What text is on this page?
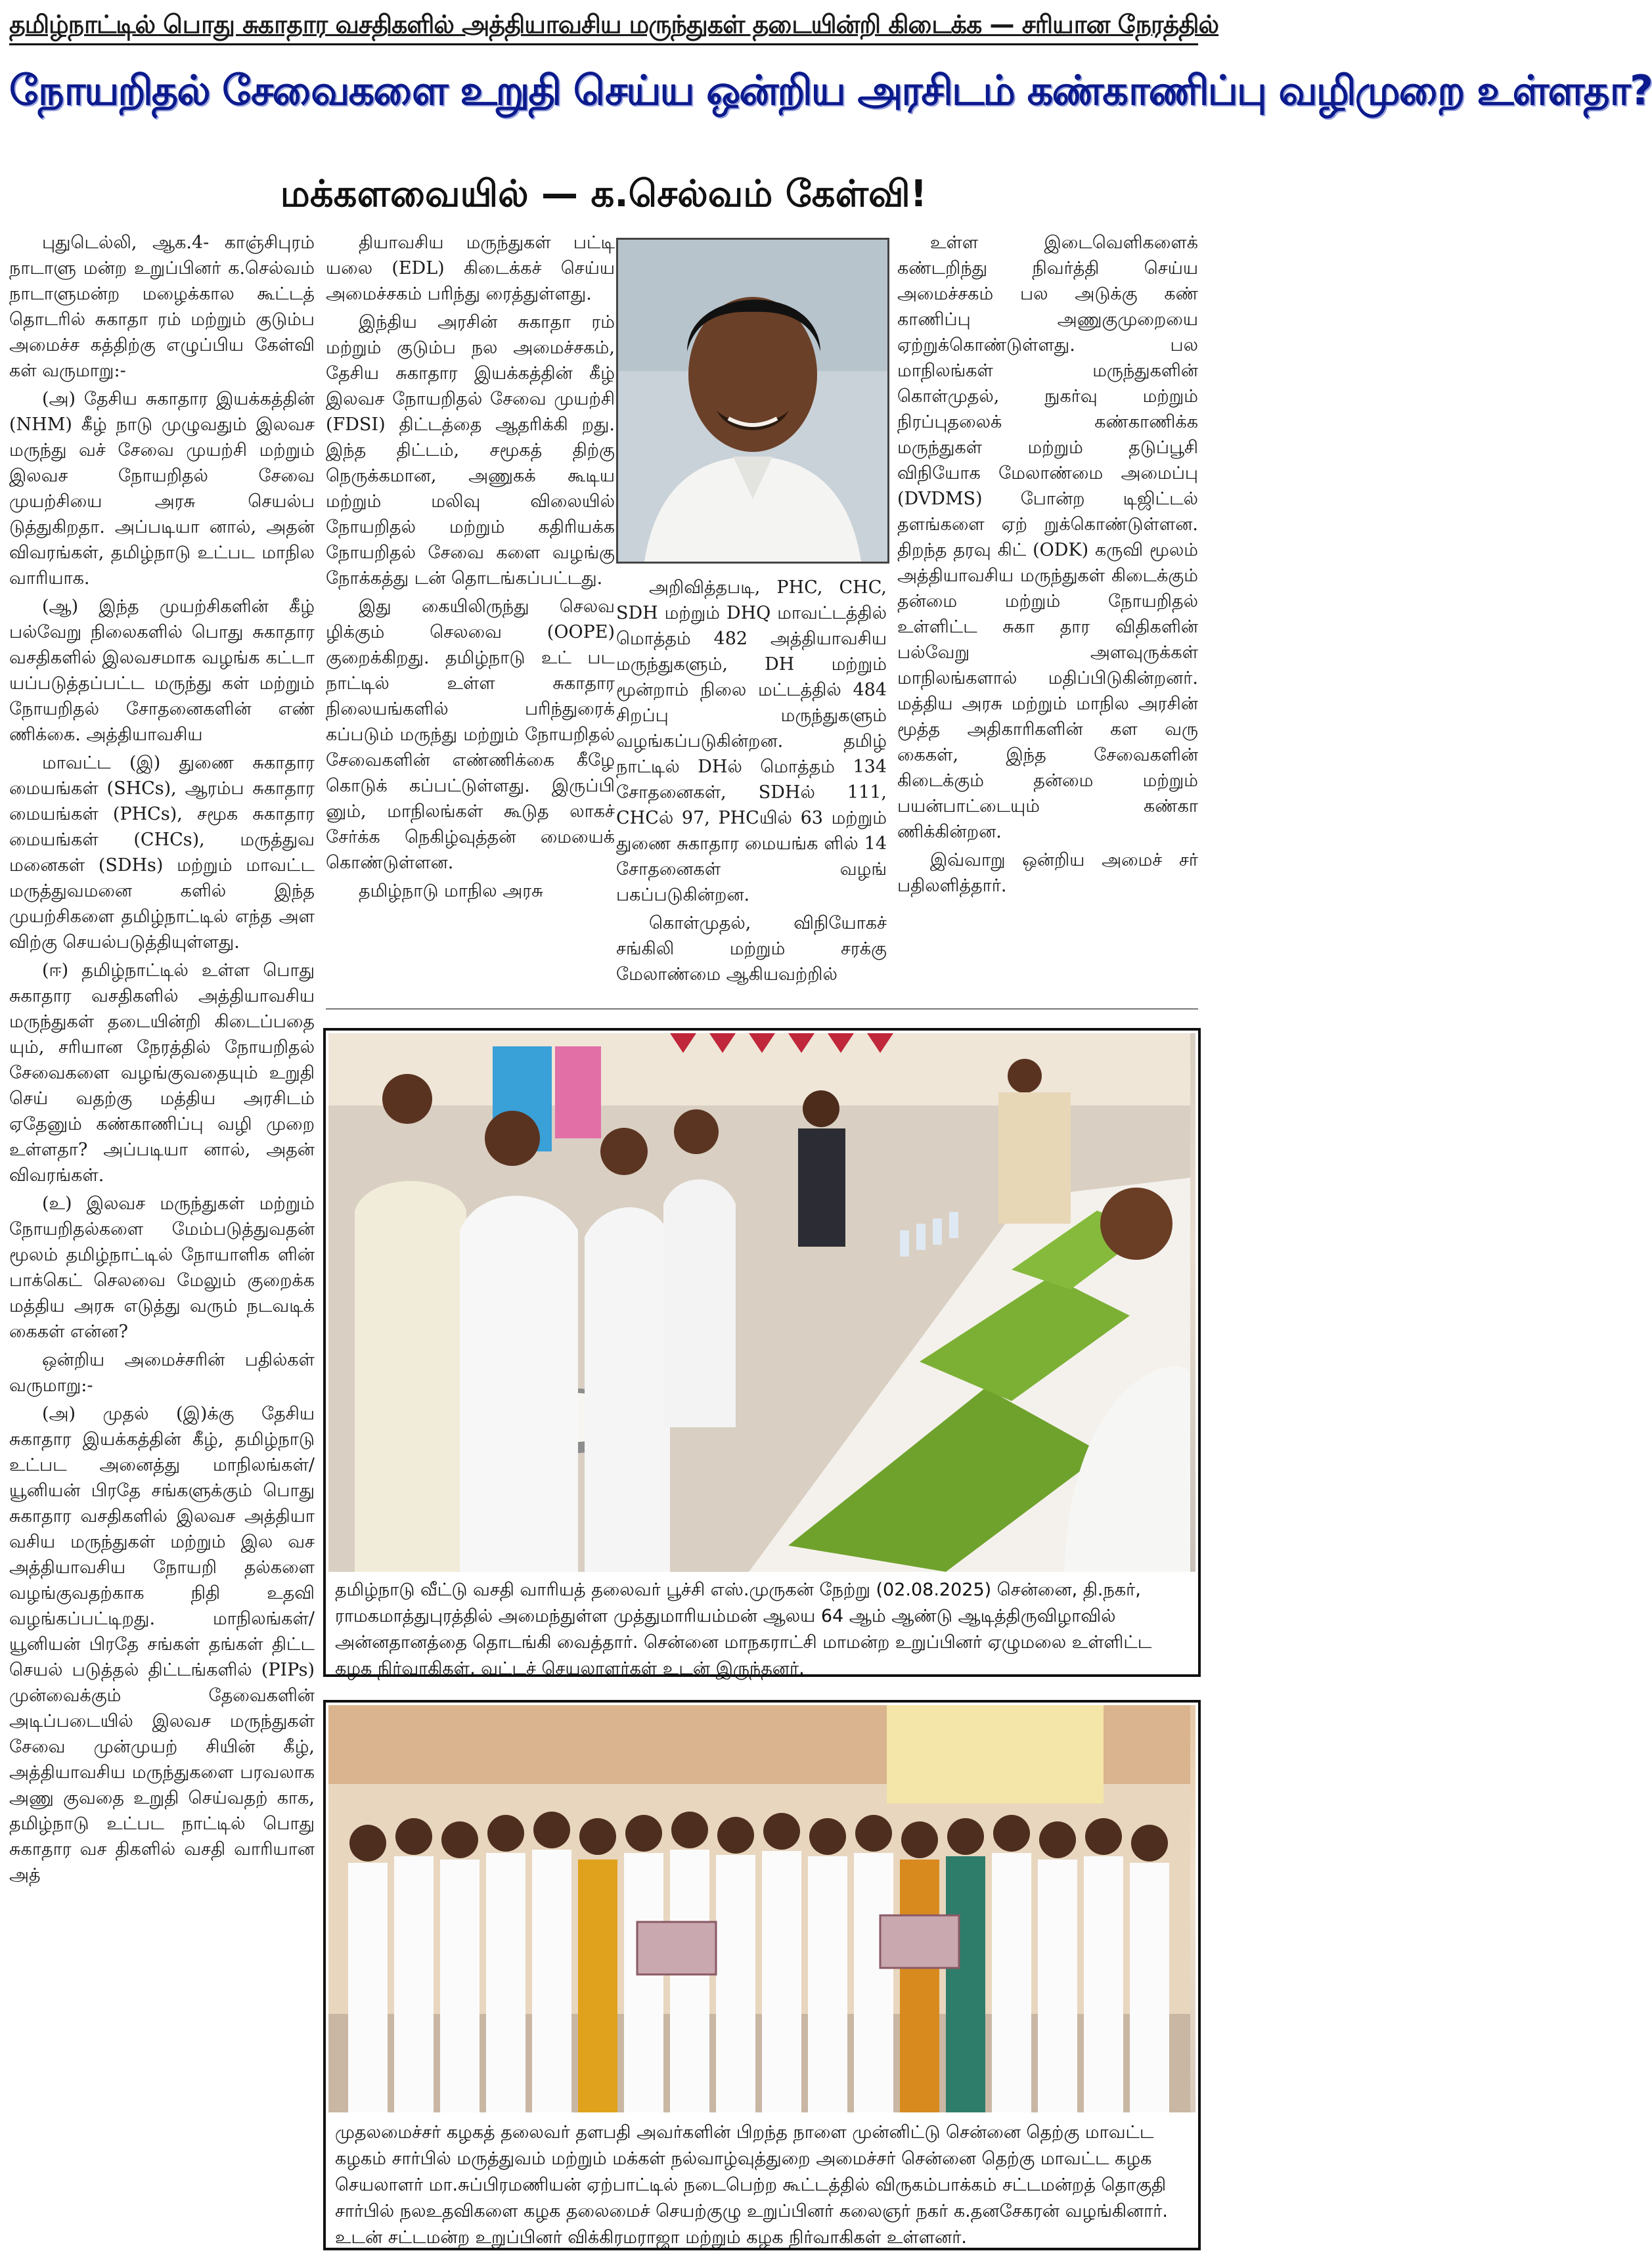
தமிழ்நாட்டில் பொது சுகாதார வசதிகளில் அத்தியாவசிய மருந்துகள் தடையின்றி கிடைக்க — சரியான நேரத்தில்
நோயறிதல் சேவைகளை உறுதி செய்ய ஒன்றிய அரசிடம் கண்காணிப்பு வழிமுறை உள்ளதா?
மக்களவையில் — க.செல்வம் கேள்வி!

புதுடெல்லி, ஆக.4- காஞ்சிபுரம் நாடாளு மன்ற உறுப்பினர் க.செல்வம் நாடாளுமன்ற மழைக்கால கூட்டத் தொடரில் சுகாதா ரம் மற்றும் குடும்ப அமைச்ச கத்திற்கு எழுப்பிய கேள்வி கள் வருமாறு:-

(அ) தேசிய சுகாதார இயக்கத்தின் (NHM) கீழ் நாடு முழுவதும் இலவச மருந்து வச் சேவை முயற்சி மற்றும் இலவச நோயறிதல் சேவை முயற்சியை அரசு செயல்ப டுத்துகிறதா. அப்படியா னால், அதன் விவரங்கள், தமிழ்நாடு உட்பட மாநில வாரியாக.

(ஆ) இந்த முயற்சிகளின் கீழ் பல்வேறு நிலைகளில் பொது சுகாதார வசதிகளில் இலவசமாக வழங்க கட்டா யப்படுத்தப்பட்ட மருந்து கள் மற்றும் நோயறிதல் சோதனைகளின் எண் ணிக்கை. அத்தியாவசிய

மாவட்ட (இ) துணை சுகாதார மையங்கள் (SHCs), ஆரம்ப சுகாதார மையங்கள் (PHCs), சமூக சுகாதார மையங்கள் (CHCs), மருத்துவ மனைகள் (SDHs) மற்றும் மாவட்ட மருத்துவமனை களில் இந்த முயற்சிகளை தமிழ்நாட்டில் எந்த அள விற்கு செயல்படுத்தியுள்ளது.

(ஈ) தமிழ்நாட்டில் உள்ள பொது சுகாதார வசதிகளில் அத்தியாவசிய மருந்துகள் தடையின்றி கிடைப்பதை யும், சரியான நேரத்தில் நோயறிதல் சேவைகளை வழங்குவதையும் உறுதி செய் வதற்கு மத்திய அரசிடம் ஏதேனும் கண்காணிப்பு வழி முறை உள்ளதா? அப்படியா னால், அதன் விவரங்கள்.

(உ) இலவச மருந்துகள் மற்றும் நோயறிதல்களை மேம்படுத்துவதன் மூலம் தமிழ்நாட்டில் நோயாளிக ளின் பாக்கெட் செலவை மேலும் குறைக்க மத்திய அரசு எடுத்து வரும் நடவடிக் கைகள் என்ன?

ஒன்றிய அமைச்சரின் பதில்கள் வருமாறு:-

(அ) முதல் (இ)க்கு தேசிய சுகாதார இயக்கத்தின் கீழ், தமிழ்நாடு உட்பட அனைத்து மாநிலங்கள்/யூனியன் பிரதே சங்களுக்கும் பொது சுகாதார வசதிகளில் இலவச அத்தியா வசிய மருந்துகள் மற்றும் இல வச அத்தியாவசிய நோயறி தல்களை வழங்குவதற்காக நிதி உதவி வழங்கப்பட்டிறது. மாநிலங்கள்/யூனியன் பிரதே சங்கள் தங்கள் திட்ட செயல் படுத்தல் திட்டங்களில் (PIPs) முன்வைக்கும் தேவைகளின் அடிப்படையில் இலவச மருந்துகள் சேவை முன்முயற் சியின் கீழ், அத்தியாவசிய மருந்துகளை பரவலாக அணு குவதை உறுதி செய்வதற் காக, தமிழ்நாடு உட்பட நாட்டில் பொது சுகாதார வச திகளில் வசதி வாரியான அத்

தியாவசிய மருந்துகள் பட்டி யலை (EDL) கிடைக்கச் செய்ய அமைச்சகம் பரிந்து ரைத்துள்ளது.

இந்திய அரசின் சுகாதா ரம் மற்றும் குடும்ப நல அமைச்சகம், தேசிய சுகாதார இயக்கத்தின் கீழ் இலவச நோயறிதல் சேவை முயற்சி (FDSI) திட்டத்தை ஆதரிக்கி றது. இந்த திட்டம், சமூகத் திற்கு நெருக்கமான, அணுகக் கூடிய மற்றும் மலிவு விலையில் நோயறிதல் மற்றும் கதிரியக்க நோயறிதல் சேவை களை வழங்கு நோக்கத்து டன் தொடங்கப்பட்டது.

இது கையிலிருந்து செலவ ழிக்கும் செலவை (OOPE) குறைக்கிறது. தமிழ்நாடு உட் பட நாட்டில் உள்ள சுகாதார நிலையங்களில் பரிந்துரைக் கப்படும் மருந்து மற்றும் நோயறிதல் சேவைகளின் எண்ணிக்கை கீழே கொடுக் கப்பட்டுள்ளது. இருப்பி னும், மாநிலங்கள் கூடுத லாகச் சேர்க்க நெகிழ்வுத்தன் மையைக் கொண்டுள்ளன.

தமிழ்நாடு மாநில அரசு

அறிவித்தபடி, PHC, CHC, SDH மற்றும் DHQ மாவட்டத்தில் மொத்தம் 482 அத்தியாவசிய மருந்துகளும், DH மற்றும் மூன்றாம் நிலை மட்டத்தில் 484 சிறப்பு மருந்துகளும் வழங்கப்படுகின்றன. தமிழ் நாட்டில் DHல் மொத்தம் 134 சோதனைகள், SDHல் 111, CHCல் 97, PHCயில் 63 மற்றும் துணை சுகாதார மையங்க ளில் 14 சோதனைகள் வழங் பகப்படுகின்றன.

கொள்முதல், விநியோகச் சங்கிலி மற்றும் சரக்கு மேலாண்மை ஆகியவற்றில்

உள்ள இடைவெளிகளைக் கண்டறிந்து நிவர்த்தி செய்ய அமைச்சகம் பல அடுக்கு கண் காணிப்பு அணுகுமுறையை ஏற்றுக்கொண்டுள்ளது. பல மாநிலங்கள் மருந்துகளின் கொள்முதல், நுகர்வு மற்றும் நிரப்புதலைக் கண்காணிக்க மருந்துகள் மற்றும் தடுப்பூசி விநியோக மேலாண்மை அமைப்பு (DVDMS) போன்ற டிஜிட்டல் தளங்களை ஏற் றுக்கொண்டுள்ளன. திறந்த தரவு கிட் (ODK) கருவி மூலம் அத்தியாவசிய மருந்துகள் கிடைக்கும் தன்மை மற்றும் நோயறிதல் உள்ளிட்ட சுகா தார விதிகளின் பல்வேறு அளவுருக்கள் மாநிலங்களால் மதிப்பிடுகின்றனர். மத்திய அரசு மற்றும் மாநில அரசின் மூத்த அதிகாரிகளின் கள வரு கைகள், இந்த சேவைகளின் கிடைக்கும் தன்மை மற்றும் பயன்பாட்டையும் கண்கா ணிக்கின்றன.

இவ்வாறு ஒன்றிய அமைச் சர் பதிலளித்தார்.

தமிழ்நாடு வீட்டு வசதி வாரியத் தலைவர் பூச்சி எஸ்.முருகன் நேற்று (02.08.2025) சென்னை, தி.நகர், ராமகமாத்துபுரத்தில் அமைந்துள்ள முத்துமாரியம்மன் ஆலய 64 ஆம் ஆண்டு ஆடித்திருவிழாவில் அன்னதானத்தை தொடங்கி வைத்தார். சென்னை மாநகராட்சி மாமன்ற உறுப்பினர் ஏழுமலை உள்ளிட்ட கழக நிர்வாகிகள், வட்டச் செயலாளர்கள் உடன் இருந்தனர்.
முதலமைச்சர் கழகத் தலைவர் தளபதி அவர்களின் பிறந்த நாளை முன்னிட்டு சென்னை தெற்கு மாவட்ட கழகம் சார்பில் மருத்துவம் மற்றும் மக்கள் நல்வாழ்வுத்துறை அமைச்சர் சென்னை தெற்கு மாவட்ட கழக செயலாளர் மா.சுப்பிரமணியன் ஏற்பாட்டில் நடைபெற்ற கூட்டத்தில் விருகம்பாக்கம் சட்டமன்றத் தொகுதி சார்பில் நலஉதவிகளை கழக தலைமைச் செயற்குழு உறுப்பினர் கலைஞர் நகர் க.தனசேகரன் வழங்கினார். உடன் சட்டமன்ற உறுப்பினர் விக்கிரமராஜா மற்றும் கழக நிர்வாகிகள் உள்ளனர்.
